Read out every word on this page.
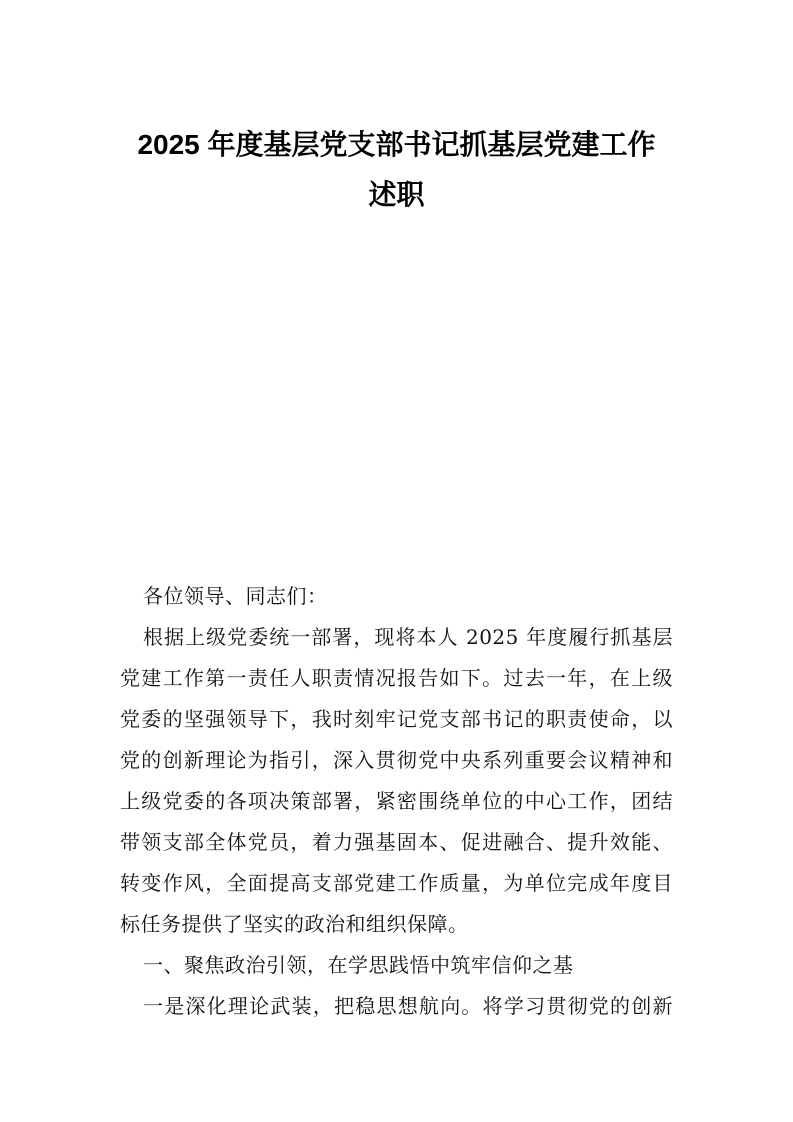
2025 年度基层党支部书记抓基层党建工作
述职
各位领导、同志们：
根据上级党委统一部署，现将本人 2025 年度履行抓基层
党建工作第一责任人职责情况报告如下。过去一年，在上级
党委的坚强领导下，我时刻牢记党支部书记的职责使命，以
党的创新理论为指引，深入贯彻党中央系列重要会议精神和
上级党委的各项决策部署，紧密围绕单位的中心工作，团结
带领支部全体党员，着力强基固本、促进融合、提升效能、
转变作风，全面提高支部党建工作质量，为单位完成年度目
标任务提供了坚实的政治和组织保障。
一、聚焦政治引领，在学思践悟中筑牢信仰之基
一是深化理论武装，把稳思想航向。将学习贯彻党的创新
